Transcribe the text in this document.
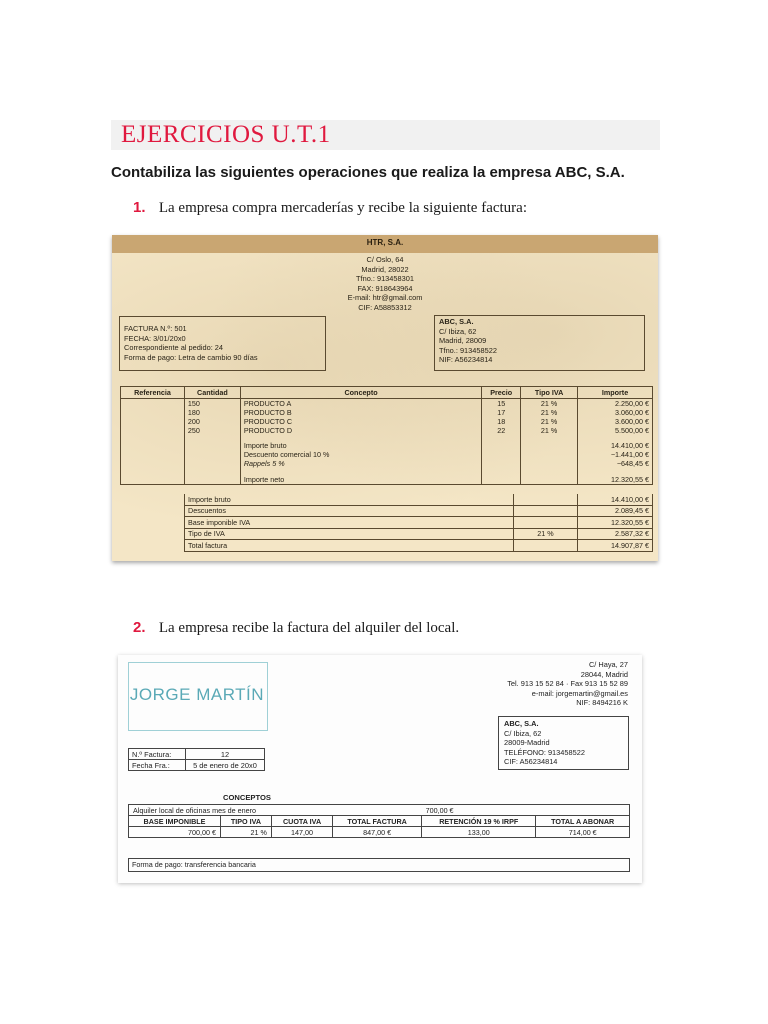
EJERCICIOS U.T.1
Contabiliza las siguientes operaciones que realiza la empresa ABC, S.A.
1. La empresa compra mercaderías y recibe la siguiente factura:
HTR, S.A.
C/ Oslo, 64
Madrid, 28022
Tfno.: 913458301
FAX: 918643964
E-mail: htr@gmail.com
CIF: A58853312
FACTURA N.º: 501
FECHA: 3/01/20x0
Correspondiente al pedido: 24
Forma de pago: Letra de cambio 90 días
ABC, S.A.
C/ Ibiza, 62
Madrid, 28009
Tfno.: 913458522
NIF: A56234814
Referencia	Cantidad	Concepto	Precio	Tipo IVA	Importe
	150	PRODUCTO A	15	21 %	2.250,00 €
	180	PRODUCTO B	17	21 %	3.060,00 €
	200	PRODUCTO C	18	21 %	3.600,00 €
	250	PRODUCTO D	22	21 %	5.500,00 €

		Importe bruto			14.410,00 €
		Descuento comercial 10 %			−1.441,00 €
		Rappels 5 %			−648,45 €

		Importe neto			12.320,55 €
Importe bruto		14.410,00 €
Descuentos		2.089,45 €
Base imponible IVA		12.320,55 €
Tipo de IVA	21 %	2.587,32 €
Total factura		14.907,87 €
2. La empresa recibe la factura del alquiler del local.
JORGE MARTÍN
C/ Haya, 27
28044, Madrid
Tel. 913 15 52 84 · Fax 913 15 52 89
e-mail: jorgemartin@gmail.es
NIF: 8494216 K
ABC, S.A.
C/ Ibiza, 62
28009-Madrid
TELÉFONO: 913458522
CIF: A56234814
N.º Factura:	12
Fecha Fra.:	5 de enero de 20x0
CONCEPTOS
Alquiler local de oficinas mes de enero				700,00 €	
BASE IMPONIBLE	TIPO IVA	CUOTA IVA	TOTAL FACTURA	RETENCIÓN 19 % IRPF	TOTAL A ABONAR
700,00 €	21 %	147,00	847,00 €	133,00	714,00 €
Forma de pago: transferencia bancaria
